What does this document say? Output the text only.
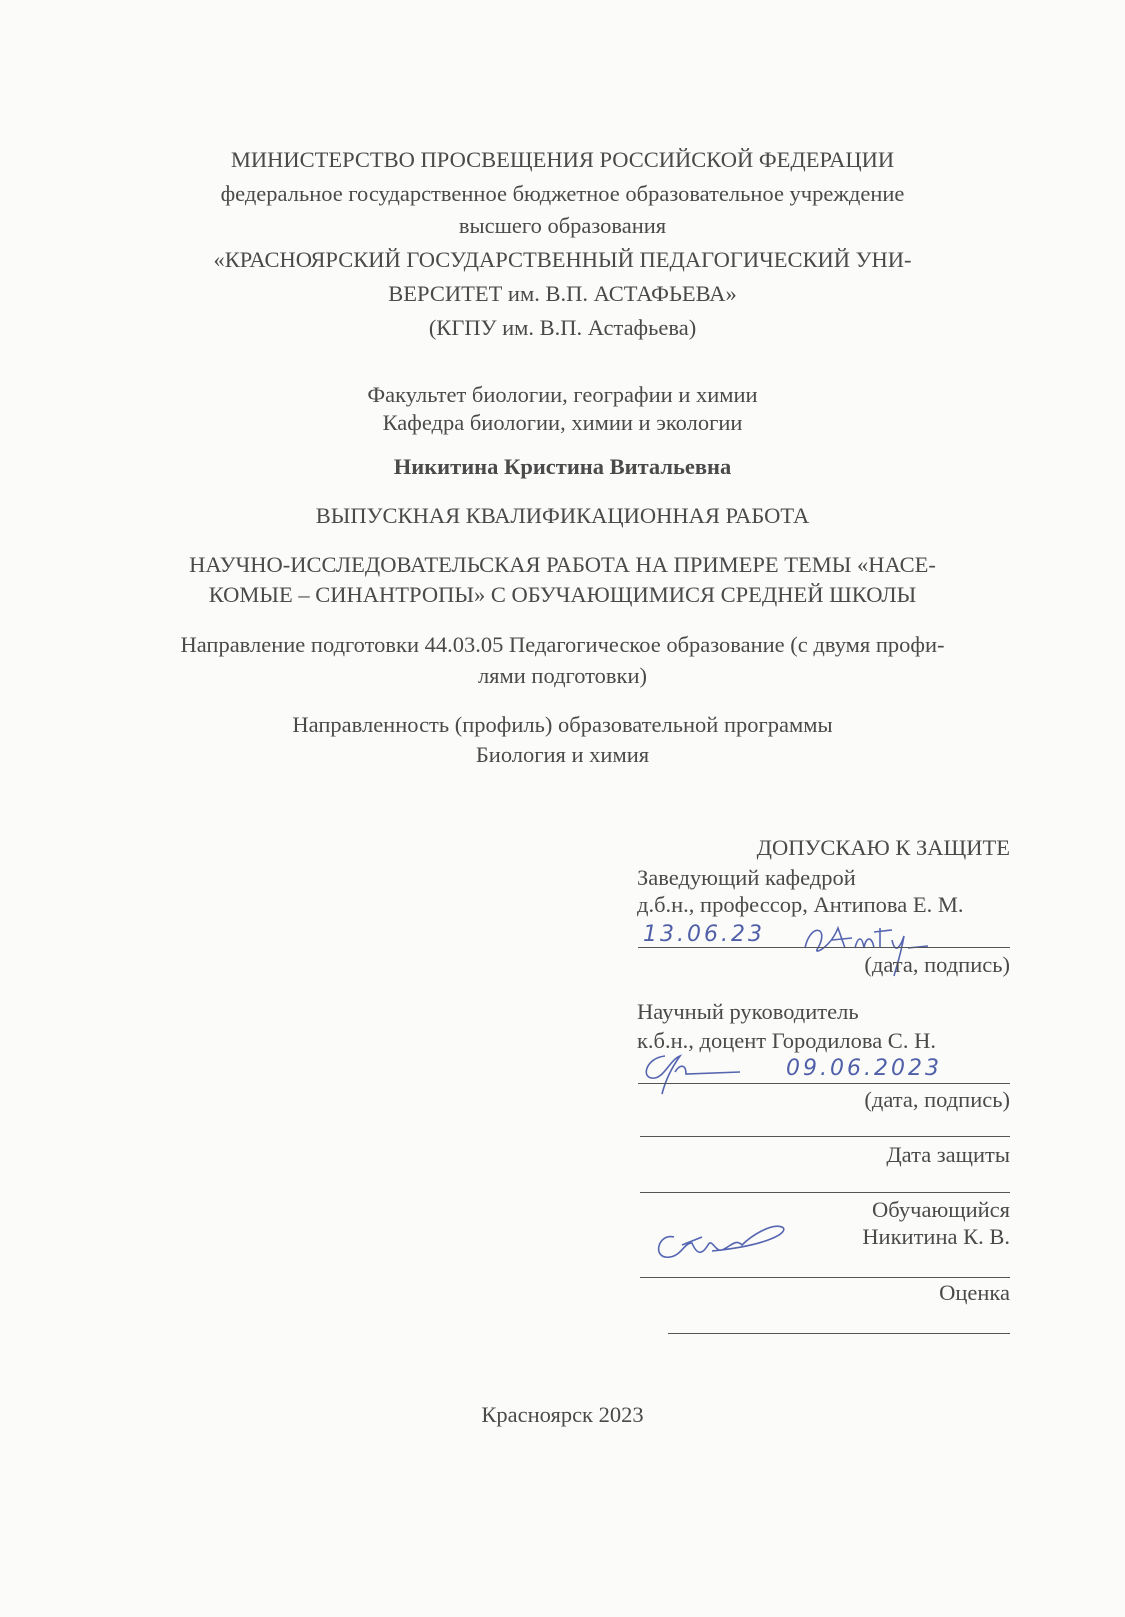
МИНИСТЕРСТВО ПРОСВЕЩЕНИЯ РОССИЙСКОЙ ФЕДЕРАЦИИ
федеральное государственное бюджетное образовательное учреждение
высшего образования
«КРАСНОЯРСКИЙ ГОСУДАРСТВЕННЫЙ ПЕДАГОГИЧЕСКИЙ УНИ-
ВЕРСИТЕТ им. В.П. АСТАФЬЕВА»
(КГПУ им. В.П. Астафьева)
Факультет биологии, географии и химии
Кафедра биологии, химии и экологии
Никитина Кристина Витальевна
ВЫПУСКНАЯ КВАЛИФИКАЦИОННАЯ РАБОТА
НАУЧНО-ИССЛЕДОВАТЕЛЬСКАЯ РАБОТА НА ПРИМЕРЕ ТЕМЫ «НАСЕ-
КОМЫЕ – СИНАНТРОПЫ» С ОБУЧАЮЩИМИСЯ СРЕДНЕЙ ШКОЛЫ
Направление подготовки 44.03.05 Педагогическое образование (с двумя профи-
лями подготовки)
Направленность (профиль) образовательной программы
Биология и химия
ДОПУСКАЮ К ЗАЩИТЕ
Заведующий кафедрой
д.б.н., профессор, Антипова Е. М.
13.06.23
(дата, подпись)
Научный руководитель
к.б.н., доцент Городилова С. Н.
09.06.2023
(дата, подпись)
Дата защиты
Обучающийся
Никитина К. В.
Оценка
Красноярск 2023
